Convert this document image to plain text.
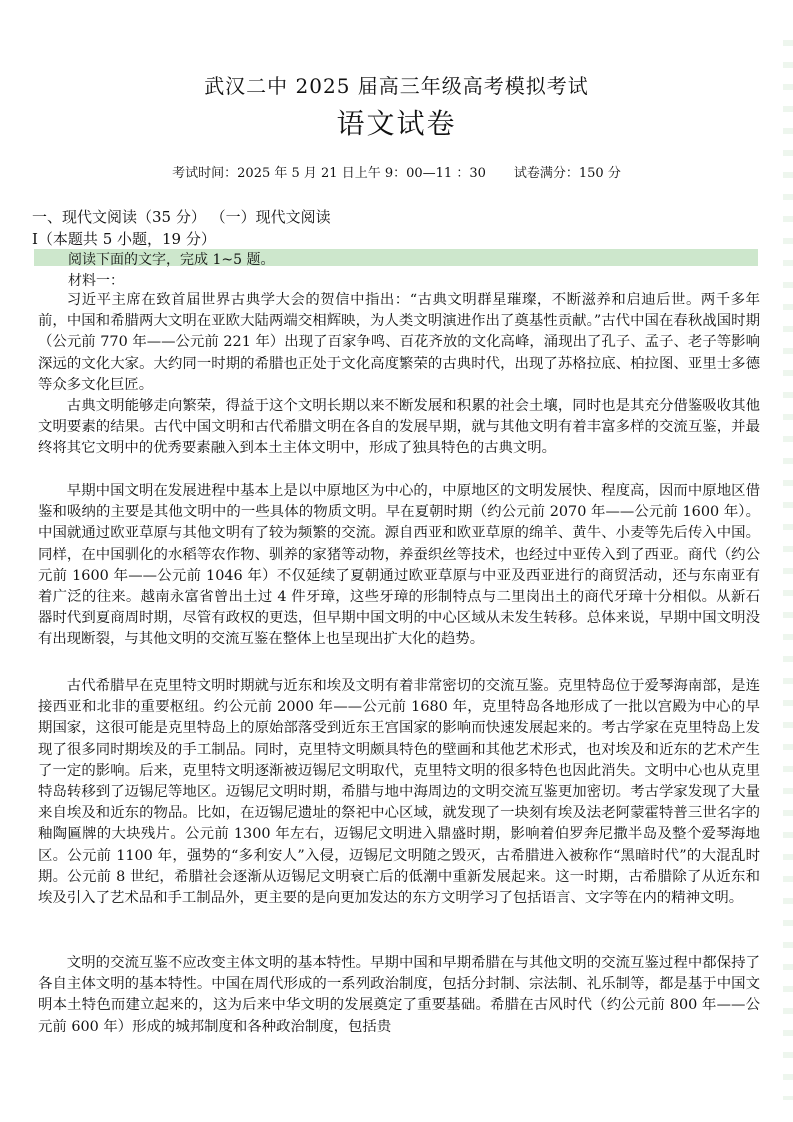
武汉二中 2025 届高三年级高考模拟考试
语文试卷
考试时间：2025 年 5 月 21 日上午 9：00—11 ：30 试卷满分：150 分
一、现代文阅读（35 分） （一）现代文阅读
Ⅰ（本题共 5 小题，19 分）
阅读下面的文字，完成 1~5 题。
材料一：

习近平主席在致首届世界古典学大会的贺信中指出：“古典文明群星璀璨，不断滋养和启迪后世。两千多年前，中国和希腊两大文明在亚欧大陆两端交相辉映，为人类文明演进作出了奠基性贡献。”古代中国在春秋战国时期（公元前 770 年——公元前 221 年）出现了百家争鸣、百花齐放的文化高峰，涌现出了孔子、孟子、老子等影响深远的文化大家。大约同一时期的希腊也正处于文化高度繁荣的古典时代，出现了苏格拉底、柏拉图、亚里士多德等众多文化巨匠。

古典文明能够走向繁荣，得益于这个文明长期以来不断发展和积累的社会土壤，同时也是其充分借鉴吸收其他文明要素的结果。古代中国文明和古代希腊文明在各自的发展早期，就与其他文明有着丰富多样的交流互鉴，并最终将其它文明中的优秀要素融入到本土主体文明中，形成了独具特色的古典文明。

早期中国文明在发展进程中基本上是以中原地区为中心的，中原地区的文明发展快、程度高，因而中原地区借鉴和吸纳的主要是其他文明中的一些具体的物质文明。早在夏朝时期（约公元前 2070 年——公元前 1600 年）。中国就通过欧亚草原与其他文明有了较为频繁的交流。源自西亚和欧亚草原的绵羊、黄牛、小麦等先后传入中国。同样，在中国驯化的水稻等农作物、驯养的家猪等动物，养蚕织丝等技术，也经过中亚传入到了西亚。商代（约公元前 1600 年——公元前 1046 年）不仅延续了夏朝通过欧亚草原与中亚及西亚进行的商贸活动，还与东南亚有着广泛的往来。越南永富省曾出土过 4 件牙璋，这些牙璋的形制特点与二里岗出土的商代牙璋十分相似。从新石器时代到夏商周时期，尽管有政权的更迭，但早期中国文明的中心区域从未发生转移。总体来说，早期中国文明没有出现断裂，与其他文明的交流互鉴在整体上也呈现出扩大化的趋势。

古代希腊早在克里特文明时期就与近东和埃及文明有着非常密切的交流互鉴。克里特岛位于爱琴海南部，是连接西亚和北非的重要枢纽。约公元前 2000 年——公元前 1680 年，克里特岛各地形成了一批以宫殿为中心的早期国家，这很可能是克里特岛上的原始部落受到近东王宫国家的影响而快速发展起来的。考古学家在克里特岛上发现了很多同时期埃及的手工制品。同时，克里特文明颇具特色的壁画和其他艺术形式，也对埃及和近东的艺术产生了一定的影响。后来，克里特文明逐渐被迈锡尼文明取代，克里特文明的很多特色也因此消失。文明中心也从克里特岛转移到了迈锡尼等地区。迈锡尼文明时期，希腊与地中海周边的文明交流互鉴更加密切。考古学家发现了大量来自埃及和近东的物品。比如，在迈锡尼遗址的祭祀中心区域，就发现了一块刻有埃及法老阿蒙霍特普三世名字的釉陶匾牌的大块残片。公元前 1300 年左右，迈锡尼文明进入鼎盛时期，影响着伯罗奔尼撒半岛及整个爱琴海地区。公元前 1100 年，强势的“多利安人”入侵，迈锡尼文明随之毁灭，古希腊进入被称作“黑暗时代”的大混乱时期。公元前 8 世纪，希腊社会逐渐从迈锡尼文明衰亡后的低潮中重新发展起来。这一时期，古希腊除了从近东和埃及引入了艺术品和手工制品外，更主要的是向更加发达的东方文明学习了包括语言、文字等在内的精神文明。

文明的交流互鉴不应改变主体文明的基本特性。早期中国和早期希腊在与其他文明的交流互鉴过程中都保持了各自主体文明的基本特性。中国在周代形成的一系列政治制度，包括分封制、宗法制、礼乐制等，都是基于中国文明本土特色而建立起来的，这为后来中华文明的发展奠定了重要基础。希腊在古风时代（约公元前 800 年——公元前 600 年）形成的城邦制度和各种政治制度，包括贵
